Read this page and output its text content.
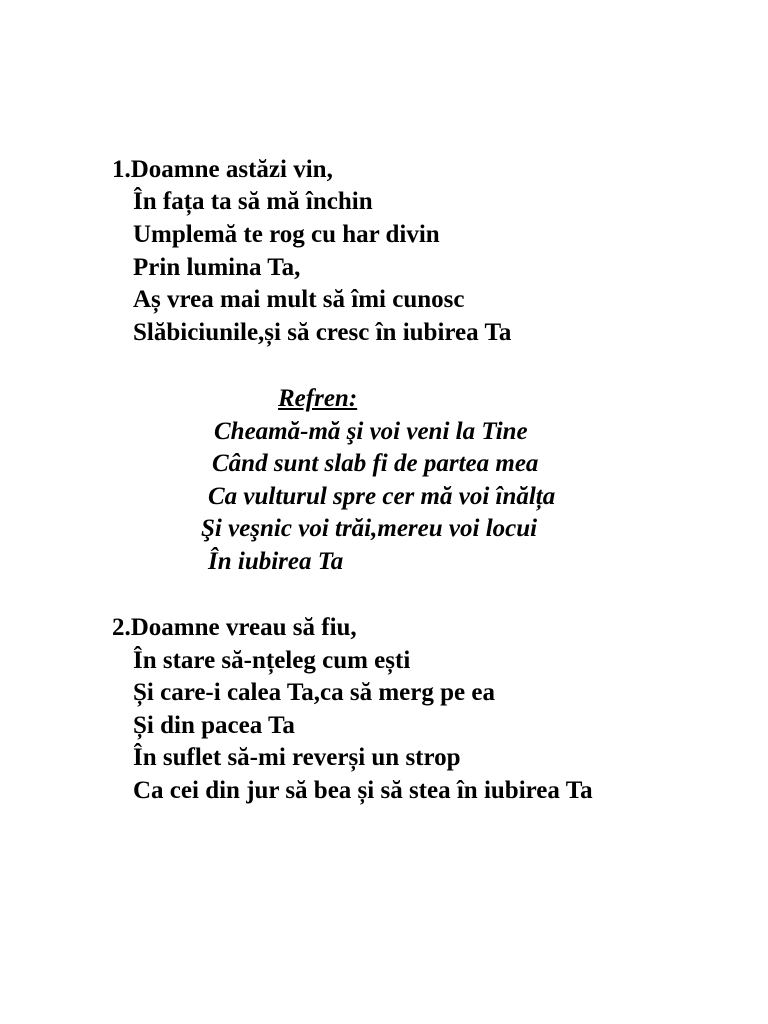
1.Doamne astăzi vin,
În fața ta să mă închin
Umplemă te rog cu har divin
Prin lumina Ta,
Aș vrea mai mult să îmi cunosc
Slăbiciunile,și să cresc în iubirea Ta
Refren:
Cheamă-mă şi voi veni la Tine
Când sunt slab fi de partea mea
Ca vulturul spre cer mă voi înălța
Şi veşnic voi trăi,mereu voi locui
În iubirea Ta
2.Doamne vreau să fiu,
În stare să-nțeleg cum ești
Și care-i calea Ta,ca să merg pe ea
Și din pacea Ta
În suflet să-mi reverși un strop
Ca cei din jur să bea și să stea în iubirea Ta
